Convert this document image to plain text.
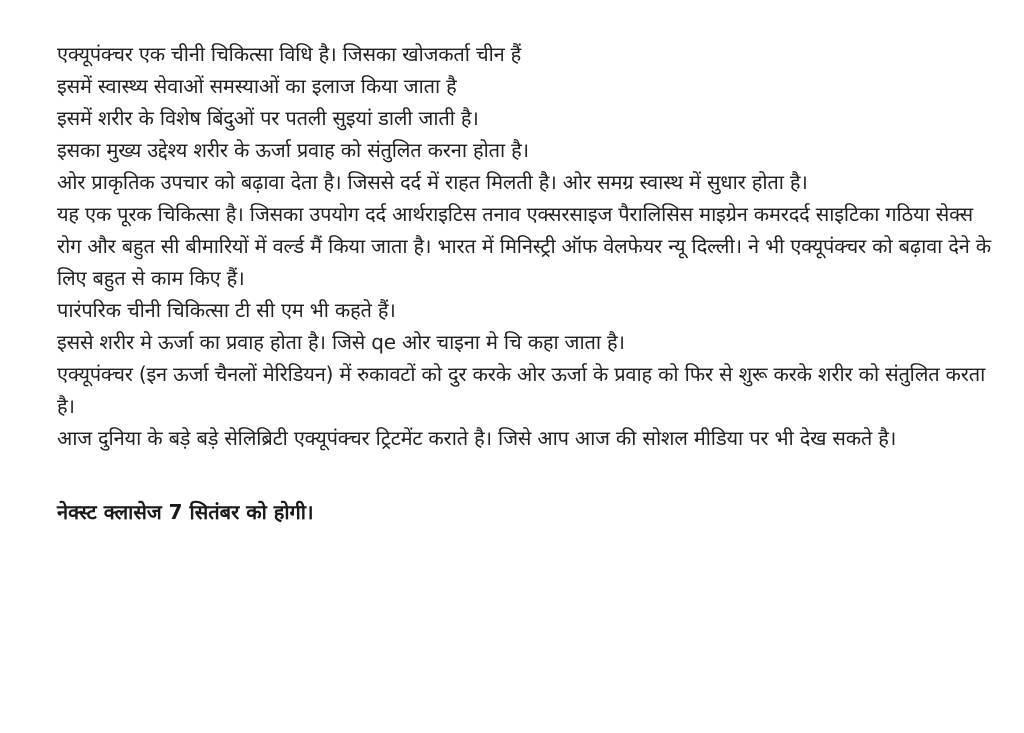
एक्यूपंक्चर एक चीनी चिकित्सा विधि है। जिसका खोजकर्ता चीन हैं

इसमें स्वास्थ्य सेवाओं समस्याओं का इलाज किया जाता है

इसमें शरीर के विशेष बिंदुओं पर पतली सुइयां डाली जाती है।

इसका मुख्य उद्देश्य शरीर के ऊर्जा प्रवाह को संतुलित करना होता है।

ओर प्राकृतिक उपचार को बढ़ावा देता है। जिससे दर्द में राहत मिलती है। ओर समग्र स्वास्थ में सुधार होता है।

यह एक पूरक चिकित्सा है। जिसका उपयोग दर्द आर्थराइटिस तनाव एक्सरसाइज पैरालिसिस माइग्रेन कमरदर्द साइटिका गठिया सेक्स रोग और बहुत सी बीमारियों में वर्ल्ड मैं किया जाता है। भारत में मिनिस्ट्री ऑफ वेलफेयर न्यू दिल्ली। ने भी एक्यूपंक्चर को बढ़ावा देने के लिए बहुत से काम किए हैं।

पारंपरिक चीनी चिकित्सा टी सी एम भी कहते हैं।

इससे शरीर मे ऊर्जा का प्रवाह होता है। जिसे qe ओर चाइना मे चि कहा जाता है।

एक्यूपंक्चर (इन ऊर्जा चैनलों मेरिडियन) में रुकावटों को दुर करके ओर ऊर्जा के प्रवाह को फिर से शुरू करके शरीर को संतुलित करता है।

आज दुनिया के बड़े बड़े सेलिब्रिटी एक्यूपंक्चर ट्रिटमेंट कराते है। जिसे आप आज की सोशल मीडिया पर भी देख सकते है।

नेक्स्ट क्लासेज 7 सितंबर को होगी।
